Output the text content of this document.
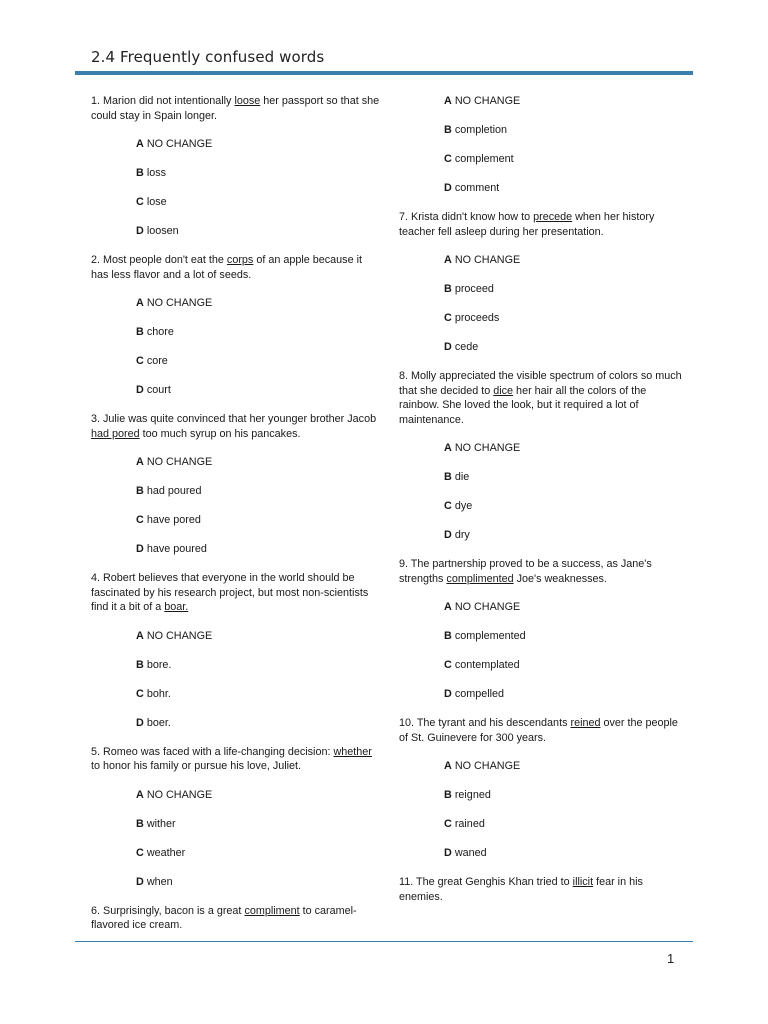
2.4 Frequently confused words

1. Marion did not intentionally loose her passport so that she could stay in Spain longer.

A NO CHANGE
B loss
C lose
D loosen

2. Most people don't eat the corps of an apple because it has less flavor and a lot of seeds.

A NO CHANGE
B chore
C core
D court

3. Julie was quite convinced that her younger brother Jacob had pored too much syrup on his pancakes.

A NO CHANGE
B had poured
C have pored
D have poured

4. Robert believes that everyone in the world should be fascinated by his research project, but most non-scientists find it a bit of a boar.

A NO CHANGE
B bore.
C bohr.
D boer.

5. Romeo was faced with a life-changing decision: whether to honor his family or pursue his love, Juliet.

A NO CHANGE
B wither
C weather
D when

6. Surprisingly, bacon is a great compliment to caramel-flavored ice cream.

A NO CHANGE
B completion
C complement
D comment

7. Krista didn't know how to precede when her history teacher fell asleep during her presentation.

A NO CHANGE
B proceed
C proceeds
D cede

8. Molly appreciated the visible spectrum of colors so much that she decided to dice her hair all the colors of the rainbow. She loved the look, but it required a lot of maintenance.

A NO CHANGE
B die
C dye
D dry

9. The partnership proved to be a success, as Jane's strengths complimented Joe's weaknesses.

A NO CHANGE
B complemented
C contemplated
D compelled

10. The tyrant and his descendants reined over the people of St. Guinevere for 300 years.

A NO CHANGE
B reigned
C rained
D waned

11. The great Genghis Khan tried to illicit fear in his enemies.

1
